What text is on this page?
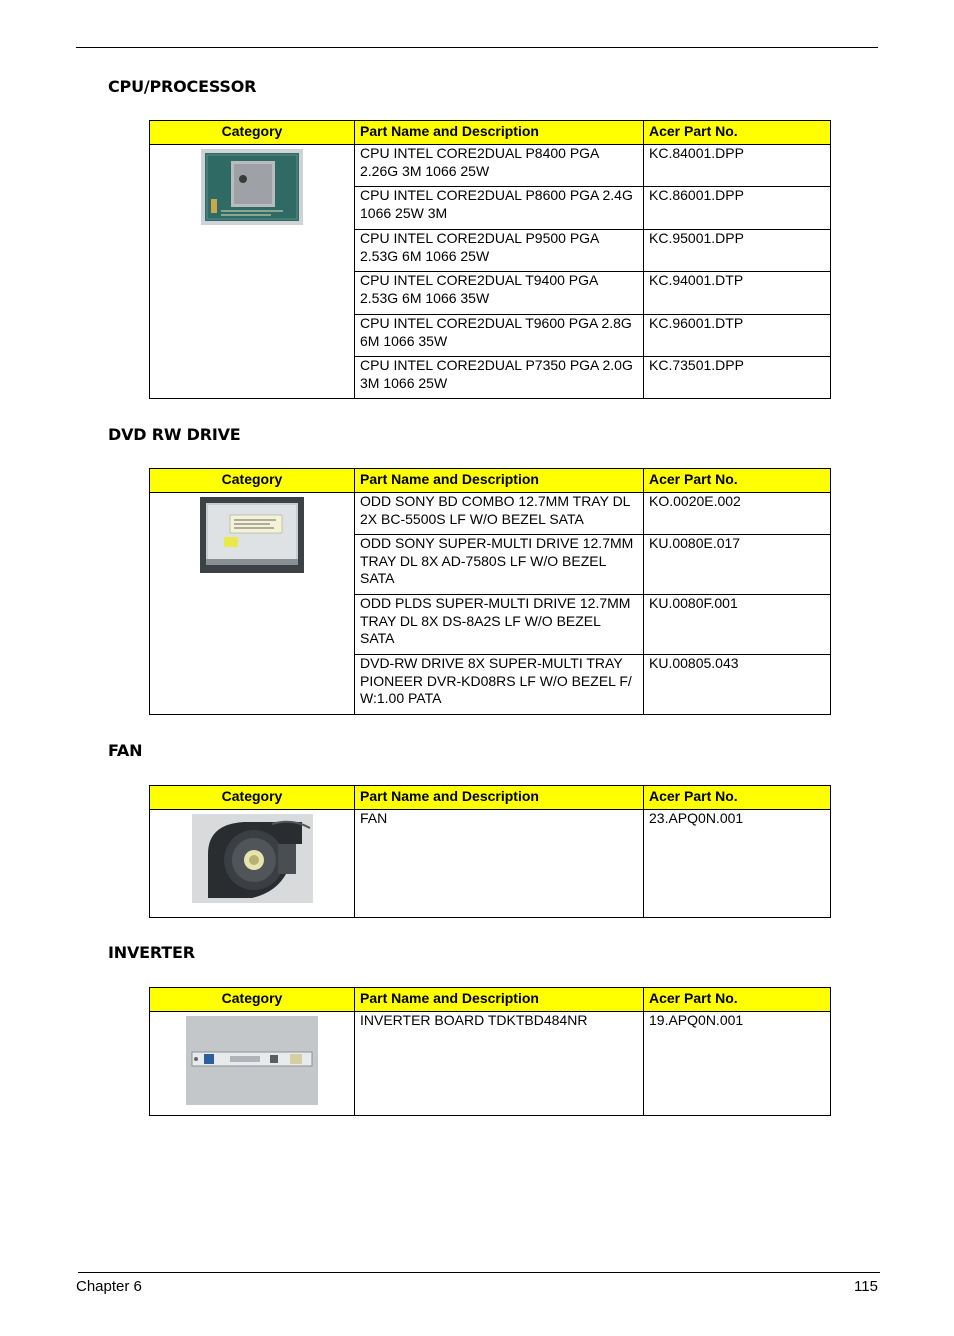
CPU/PROCESSOR
Category	Part Name and Description	Acer Part No.

	CPU INTEL CORE2DUAL P8400 PGA 2.26G 3M 1066 25W	KC.84001.DPP
	CPU INTEL CORE2DUAL P8600 PGA 2.4G 1066 25W 3M	KC.86001.DPP
	CPU INTEL CORE2DUAL P9500 PGA 2.53G 6M 1066 25W	KC.95001.DPP
	CPU INTEL CORE2DUAL T9400 PGA 2.53G 6M 1066 35W	KC.94001.DTP
	CPU INTEL CORE2DUAL T9600 PGA 2.8G 6M 1066 35W	KC.96001.DTP
	CPU INTEL CORE2DUAL P7350 PGA 2.0G 3M 1066 25W	KC.73501.DPP
DVD RW DRIVE
Category	Part Name and Description	Acer Part No.

	ODD SONY BD COMBO 12.7MM TRAY DL 2X BC-5500S LF W/O BEZEL SATA	KO.0020E.002
	ODD SONY SUPER-MULTI DRIVE 12.7MM TRAY DL 8X AD-7580S LF W/O BEZEL SATA	KU.0080E.017
	ODD PLDS SUPER-MULTI DRIVE 12.7MM TRAY DL 8X DS-8A2S LF W/O BEZEL SATA	KU.0080F.001
	DVD-RW DRIVE 8X SUPER-MULTI TRAY PIONEER DVR-KD08RS LF W/O BEZEL F/ W:1.00 PATA	KU.00805.043
FAN
Category	Part Name and Description	Acer Part No.

	FAN	23.APQ0N.001
INVERTER
Category	Part Name and Description	Acer Part No.

	INVERTER BOARD TDKTBD484NR	19.APQ0N.001
Chapter 6	115
